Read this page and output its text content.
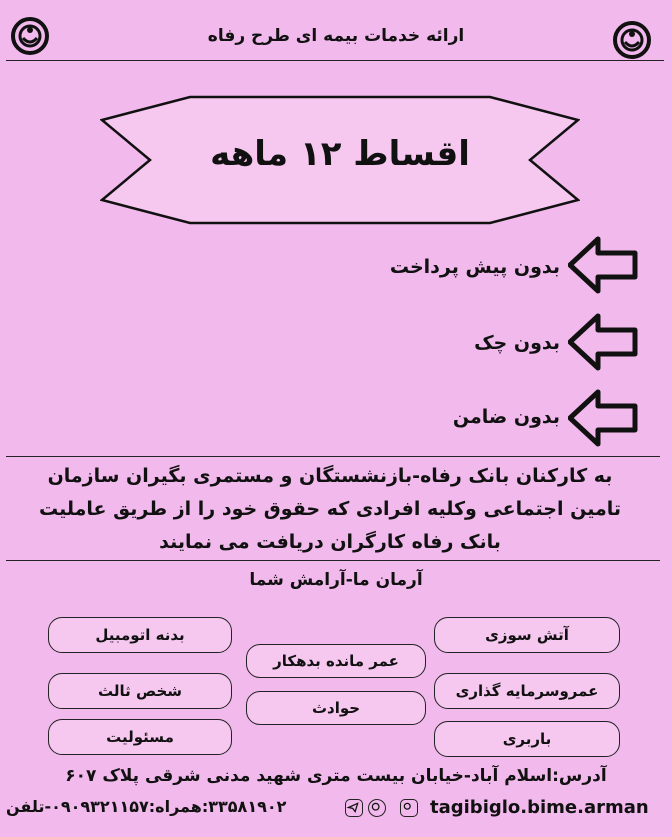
ارائه خدمات بیمه ای طرح رفاه
اقساط ۱۲ ماهه
بدون پیش پرداخت
بدون چک
بدون ضامن
به کارکنان بانک رفاه-بازنشستگان و مستمری بگیران سازمان
تامین اجتماعی وکلیه افرادی که حقوق خود را از طریق عاملیت
بانک رفاه کارگران دریافت می نمایند
آرمان ما-آرامش شما
بدنه اتومبیل
شخص ثالث
مسئولیت
عمر مانده بدهکار
حوادث
آتش سوزی
عمروسرمایه گذاری
باربری
آدرس:اسلام آباد-خیابان بیست متری شهید مدنی شرقی پلاک ۶۰۷
۳۳۵۸۱۹۰۲:همراه:۰۹۰۹۳۲۱۱۵۷-تلفن	tagibiglo.bime.arman
